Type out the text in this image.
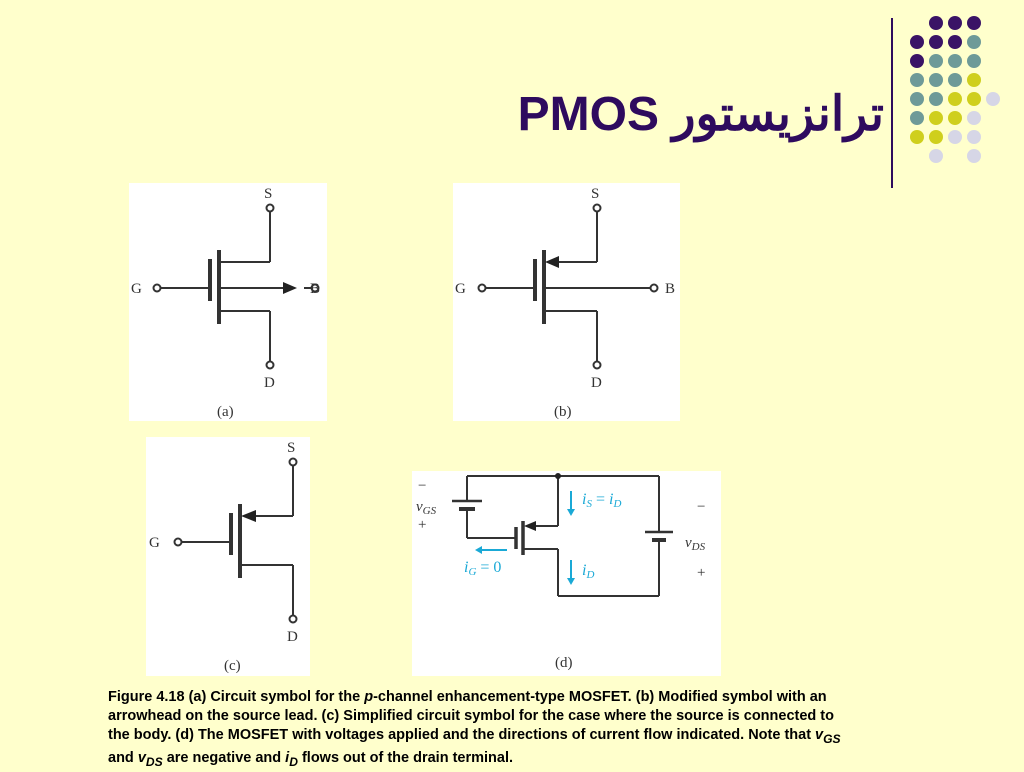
PMOS ترانزیستور
S
G	B
D
(a)
S
G	B
D
(b)
S
G
D
(c)
−
$v_{GS}$
+
−
$v_{DS}$
+
iS = iD
iG = 0	iD
(d)
Figure 4.18 (a) Circuit symbol for the p-channel enhancement-type MOSFET. (b) Modified symbol with an arrowhead on the source lead. (c) Simplified circuit symbol for the case where the source is connected to the body. (d) The MOSFET with voltages applied and the directions of current flow indicated. Note that $v_{GS}$ and $v_{DS}$ are negative and $i_D$ flows out of the drain terminal.
